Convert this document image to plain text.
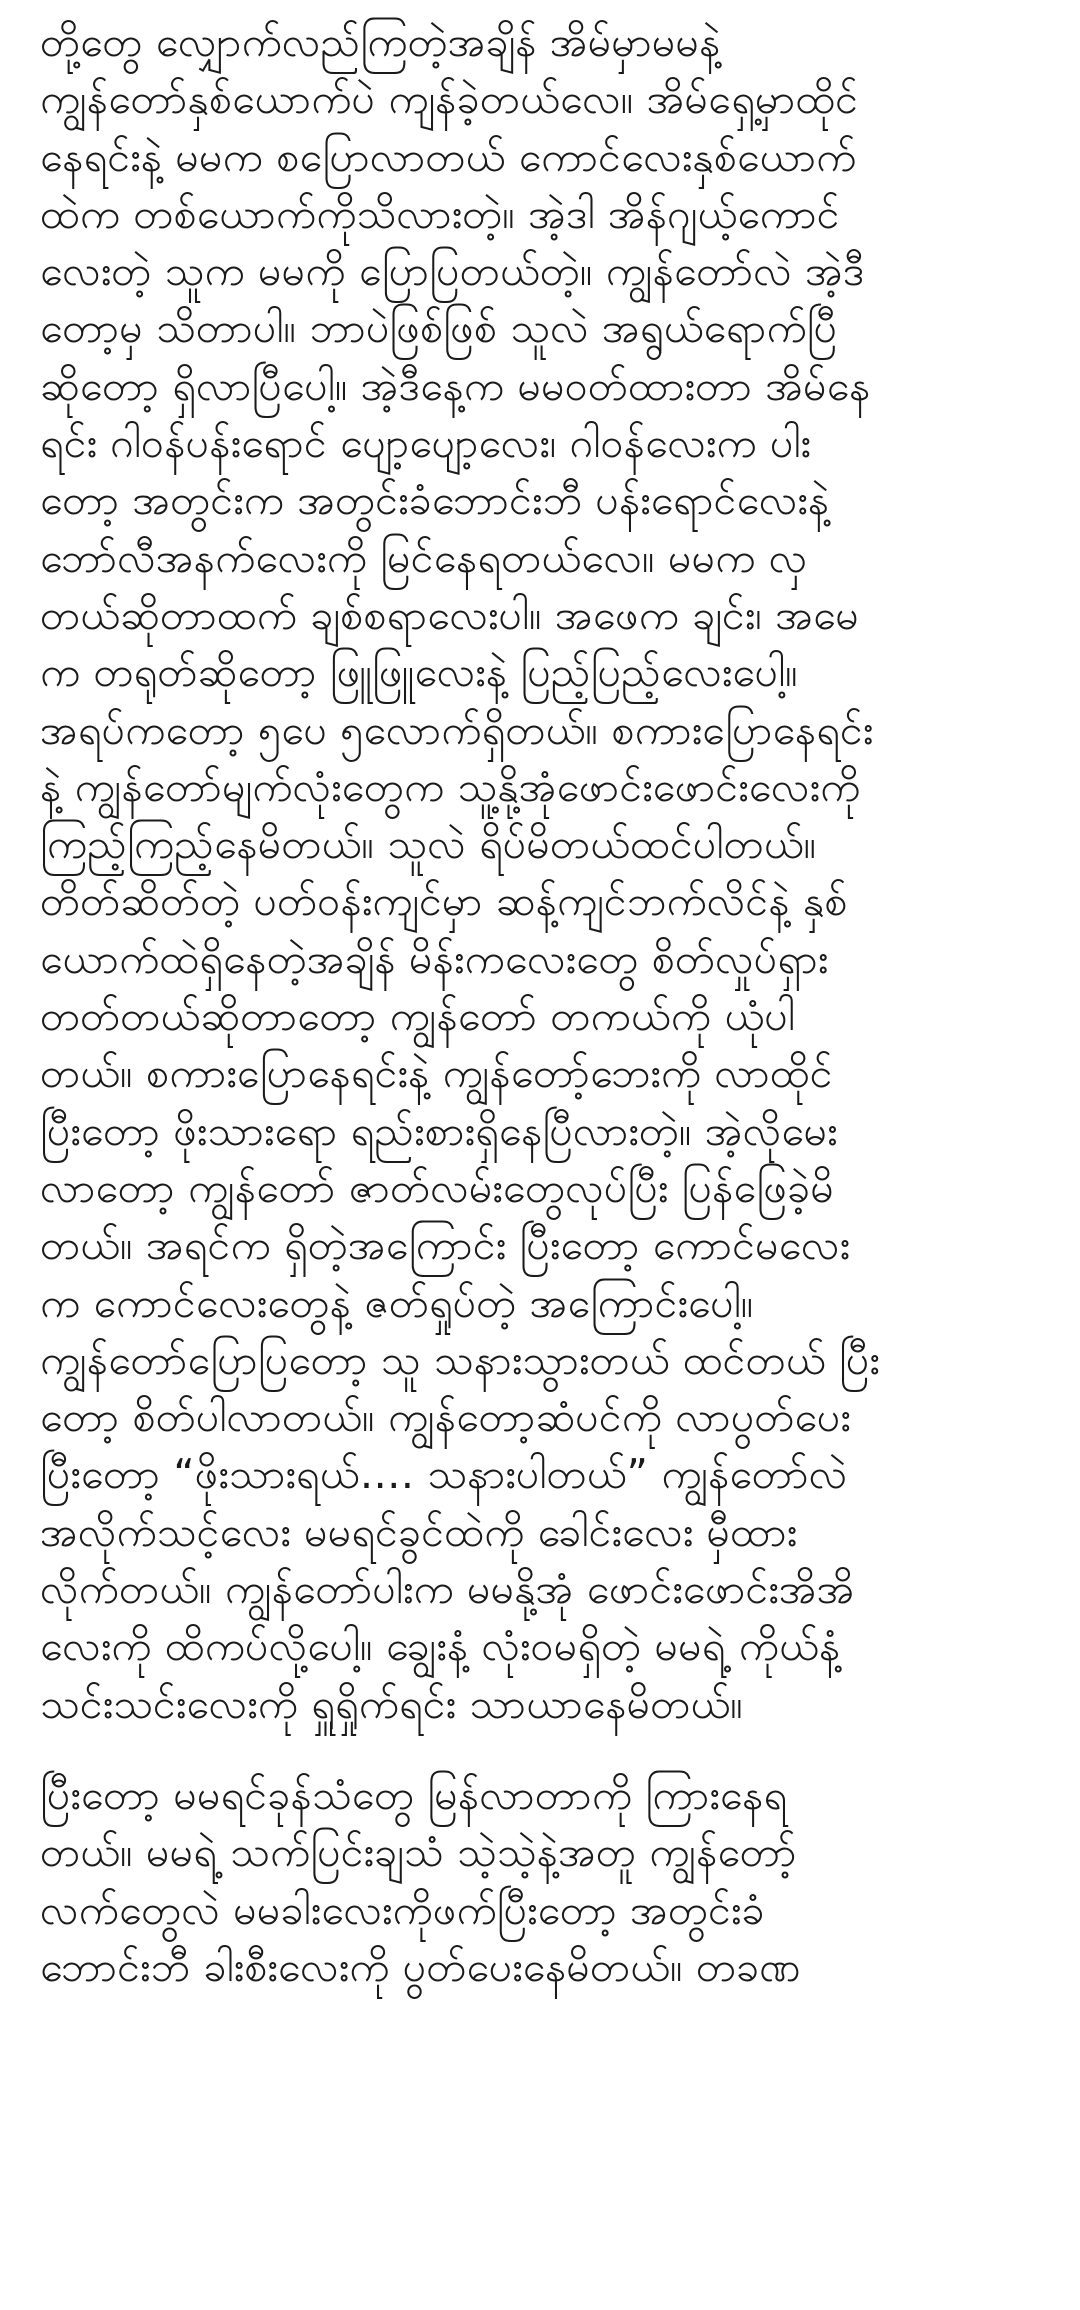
တို့တွေ လျှောက်လည်ကြတဲ့အချိန် အိမ်မှာမမနဲ့
ကျွန်တော်နှစ်ယောက်ပဲ ကျန်ခဲ့တယ်လေ။ အိမ်ရှေ့မှာထိုင်
နေရင်းနဲ့ မမက စပြောလာတယ် ကောင်လေးနှစ်ယောက်
ထဲက တစ်ယောက်ကိုသိလားတဲ့။ အဲ့ဒါ အိန်ဂျယ့်ကောင်
လေးတဲ့ သူက မမကို ပြောပြတယ်တဲ့။ ကျွန်တော်လဲ အဲ့ဒီ
တော့မှ သိတာပါ။ ဘာပဲဖြစ်ဖြစ် သူလဲ အရွယ်ရောက်ပြီ
ဆိုတော့ ရှိလာပြီပေါ့။ အဲ့ဒီနေ့က မမဝတ်ထားတာ အိမ်နေ
ရင်း ဂါဝန်ပန်းရောင် ပျော့ပျော့လေး၊ ဂါဝန်လေးက ပါး
တော့ အတွင်းက အတွင်းခံဘောင်းဘီ ပန်းရောင်လေးနဲ့
ဘော်လီအနက်လေးကို မြင်နေရတယ်လေ။ မမက လှ
တယ်ဆိုတာထက် ချစ်စရာလေးပါ။ အဖေက ချင်း၊ အမေ
က တရုတ်ဆိုတော့ ဖြူဖြူလေးနဲ့ ပြည့်ပြည့်လေးပေါ့။
အရပ်ကတော့ ၅ပေ ၅လောက်ရှိတယ်။ စကားပြောနေရင်း
နဲ့ ကျွန်တော်မျက်လုံးတွေက သူ့နို့အုံဖောင်းဖောင်းလေးကို
ကြည့်ကြည့်နေမိတယ်။ သူလဲ ရိပ်မိတယ်ထင်ပါတယ်။
တိတ်ဆိတ်တဲ့ ပတ်ဝန်းကျင်မှာ ဆန့်ကျင်ဘက်လိင်နဲ့ နှစ်
ယောက်ထဲရှိနေတဲ့အချိန် မိန်းကလေးတွေ စိတ်လှုပ်ရှား
တတ်တယ်ဆိုတာတော့ ကျွန်တော် တကယ်ကို ယုံပါ
တယ်။ စကားပြောနေရင်းနဲ့ ကျွန်တော့်ဘေးကို လာထိုင်
ပြီးတော့ ဖိုးသားရော ရည်းစားရှိနေပြီလားတဲ့။ အဲ့လိုမေး
လာတော့ ကျွန်တော် ဇာတ်လမ်းတွေလုပ်ပြီး ပြန်ဖြေခဲ့မိ
တယ်။ အရင်က ရှိတဲ့အကြောင်း ပြီးတော့ ကောင်မလေး
က ကောင်လေးတွေနဲ့ ဇတ်ရှုပ်တဲ့ အကြောင်းပေါ့။
ကျွန်တော်ပြောပြတော့ သူ သနားသွားတယ် ထင်တယ် ပြီး
တော့ စိတ်ပါလာတယ်။ ကျွန်တော့ဆံပင်ကို လာပွတ်ပေး
ပြီးတော့ “ဖိုးသားရယ်…. သနားပါတယ်” ကျွန်တော်လဲ
အလိုက်သင့်လေး မမရင်ခွင်ထဲကို ခေါင်းလေး မှီထား
လိုက်တယ်။ ကျွန်တော်ပါးက မမနို့အုံ ဖောင်းဖောင်းအိအိ
လေးကို ထိကပ်လို့ပေါ့။ ချွေးနံ့ လုံးဝမရှိတဲ့ မမရဲ့ ကိုယ်နံ့
သင်းသင်းလေးကို ရှူရှိုက်ရင်း သာယာနေမိတယ်။

ပြီးတော့ မမရင်ခုန်သံတွေ မြန်လာတာကို ကြားနေရ
တယ်။ မမရဲ့ သက်ပြင်းချသံ သဲ့သဲ့နဲ့အတူ ကျွန်တော့်
လက်တွေလဲ မမခါးလေးကိုဖက်ပြီးတော့ အတွင်းခံ
ဘောင်းဘီ ခါးစီးလေးကို ပွတ်ပေးနေမိတယ်။ တခဏ
